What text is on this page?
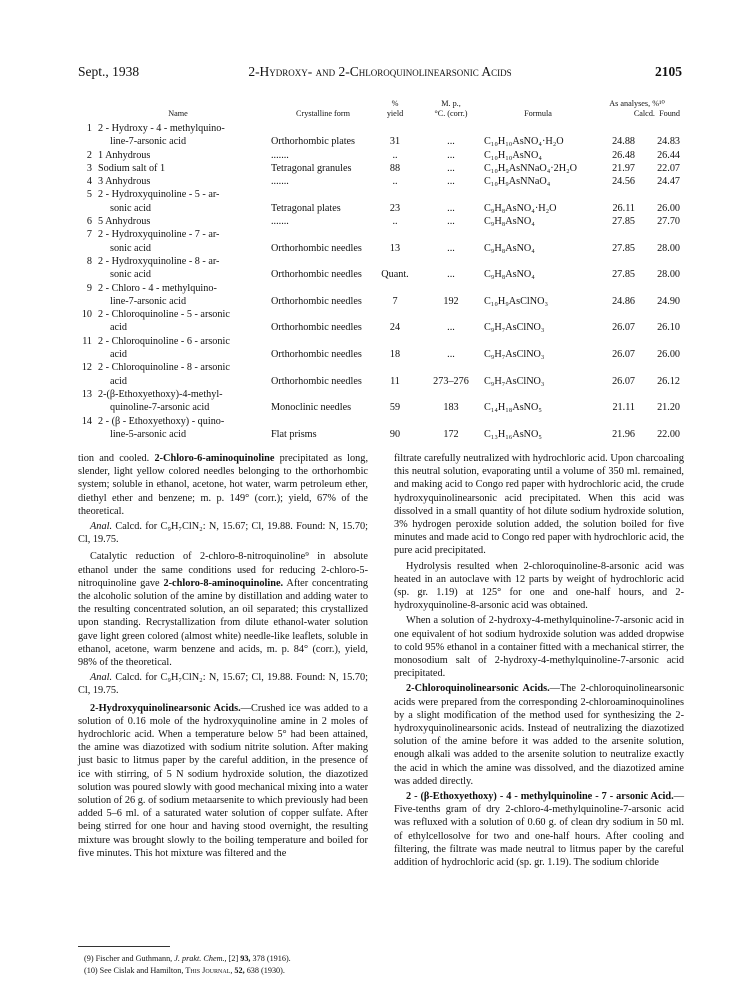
Sept., 1938	2-Hydroxy- and 2-Chloroquinolinearsonic Acids	2105
Name	Crystalline form
%
yield
M. p.,
°C. (corr.)	Formula
As analyses, %¹⁰
Calcd. Found
1 2 - Hydroxy - 4 - methylquino-
line-7-arsonic acid	Orthorhombic plates	31	...	C₁₀H₁₀AsNO₄·H₂O	24.88	24.83
2 1 Anhydrous	.......	..	...	C₁₀H₁₀AsNO₄	26.48	26.44
3 Sodium salt of 1	Tetragonal granules	88	...	C₁₀H₉AsNNaO₄·2H₂O	21.97	22.07
4 3 Anhydrous	.......	..	...	C₁₀H₉AsNNaO₄	24.56	24.47
5 2 - Hydroxyquinoline - 5 - ar-
sonic acid	Tetragonal plates	23	...	C₉H₈AsNO₄·H₂O	26.11	26.00
6 5 Anhydrous	.......	..	...	C₉H₈AsNO₄	27.85	27.70
7 2 - Hydroxyquinoline - 7 - ar-
sonic acid	Orthorhombic needles	13	...	C₉H₈AsNO₄	27.85	28.00
8 2 - Hydroxyquinoline - 8 - ar-
sonic acid	Orthorhombic needles	Quant.	...	C₉H₈AsNO₄	27.85	28.00
9 2 - Chloro - 4 - methylquino-
line-7-arsonic acid	Orthorhombic needles	7	192	C₁₀H₉AsClNO₃	24.86	24.90
10 2 - Chloroquinoline - 5 - arsonic
acid	Orthorhombic needles	24	...	C₉H₇AsClNO₃	26.07	26.10
11 2 - Chloroquinoline - 6 - arsonic
acid	Orthorhombic needles	18	...	C₉H₇AsClNO₃	26.07	26.00
12 2 - Chloroquinoline - 8 - arsonic
acid	Orthorhombic needles	11	273–276	C₉H₇AsClNO₃	26.07	26.12
13 2-(β-Ethoxyethoxy)-4-methyl-
quinoline-7-arsonic acid	Monoclinic needles	59	183	C₁₄H₁₈AsNO₅	21.11	21.20
14 2 - (β - Ethoxyethoxy) - quino-
line-5-arsonic acid	Flat prisms	90	172	C₁₃H₁₆AsNO₅	21.96	22.00

tion and cooled. 2-Chloro-6-aminoquinoline precipitated as long, slender, light yellow colored needles belonging to the orthorhombic system; soluble in ethanol, acetone, hot water, warm petroleum ether, diethyl ether and benzene; m. p. 149° (corr.); yield, 67% of the theoretical.

Anal. Calcd. for C₉H₇ClN₂: N, 15.67; Cl, 19.88. Found: N, 15.70; Cl, 19.75.

Catalytic reduction of 2-chloro-8-nitroquinoline⁹ in absolute ethanol under the same conditions used for reducing 2-chloro-5-nitroquinoline gave 2-chloro-8-aminoquinoline. After concentrating the alcoholic solution of the amine by distillation and adding water to the resulting concentrated solution, an oil separated; this crystallized upon standing. Recrystallization from dilute ethanol-water solution gave light green colored (almost white) needle-like leaflets, soluble in ethanol, acetone, warm benzene and acids, m. p. 84° (corr.), yield, 98% of the theoretical.

Anal. Calcd. for C₉H₇ClN₂: N, 15.67; Cl, 19.88. Found: N, 15.70; Cl, 19.75.

2-Hydroxyquinolinearsonic Acids.—Crushed ice was added to a solution of 0.16 mole of the hydroxyquinoline amine in 2 moles of hydrochloric acid. When a temperature below 5° had been attained, the amine was diazotized with sodium nitrite solution. After making just basic to litmus paper by the careful addition, in the presence of ice with stirring, of 5 N sodium hydroxide solution, the diazotized solution was poured slowly with good mechanical mixing into a water solution of 26 g. of sodium metaarsenite to which previously had been added 5–6 ml. of a saturated water solution of copper sulfate. After being stirred for one hour and having stood overnight, the resulting mixture was brought slowly to the boiling temperature and boiled for five minutes. This hot mixture was filtered and the

filtrate carefully neutralized with hydrochloric acid. Upon charcoaling this neutral solution, evaporating until a volume of 350 ml. remained, and making acid to Congo red paper with hydrochloric acid, the crude hydroxyquinolinearsonic acid precipitated. When this acid was dissolved in a small quantity of hot dilute sodium hydroxide solution, 3% hydrogen peroxide solution added, the solution boiled for five minutes and made acid to Congo red paper with hydrochloric acid, the pure acid precipitated.

Hydrolysis resulted when 2-chloroquinoline-8-arsonic acid was heated in an autoclave with 12 parts by weight of hydrochloric acid (sp. gr. 1.19) at 125° for one and one-half hours, and 2-hydroxyquinoline-8-arsonic acid was obtained.

When a solution of 2-hydroxy-4-methylquinoline-7-arsonic acid in one equivalent of hot sodium hydroxide solution was added dropwise to cold 95% ethanol in a container fitted with a mechanical stirrer, the monosodium salt of 2-hydroxy-4-methylquinoline-7-arsonic acid precipitated.

2-Chloroquinolinearsonic Acids.—The 2-chloroquinolinearsonic acids were prepared from the corresponding 2-chloroaminoquinolines by a slight modification of the method used for synthesizing the 2-hydroxyquinolinearsonic acids. Instead of neutralizing the diazotized solution of the amine before it was added to the arsenite solution, enough alkali was added to the arsenite solution to neutralize exactly the acid in which the amine was dissolved, and the diazotized amine was added directly.

2 - (β-Ethoxyethoxy) - 4 - methylquinoline - 7 - arsonic Acid.—Five-tenths gram of dry 2-chloro-4-methylquinoline-7-arsonic acid was refluxed with a solution of 0.60 g. of clean dry sodium in 50 ml. of ethylcellosolve for two and one-half hours. After cooling and filtering, the filtrate was made neutral to litmus paper by the careful addition of hydrochloric acid (sp. gr. 1.19). The sodium chloride

(9) Fischer and Guthmann, J. prakt. Chem., [2] 93, 378 (1916).
(10) See Cislak and Hamilton, This Journal, 52, 638 (1930).
